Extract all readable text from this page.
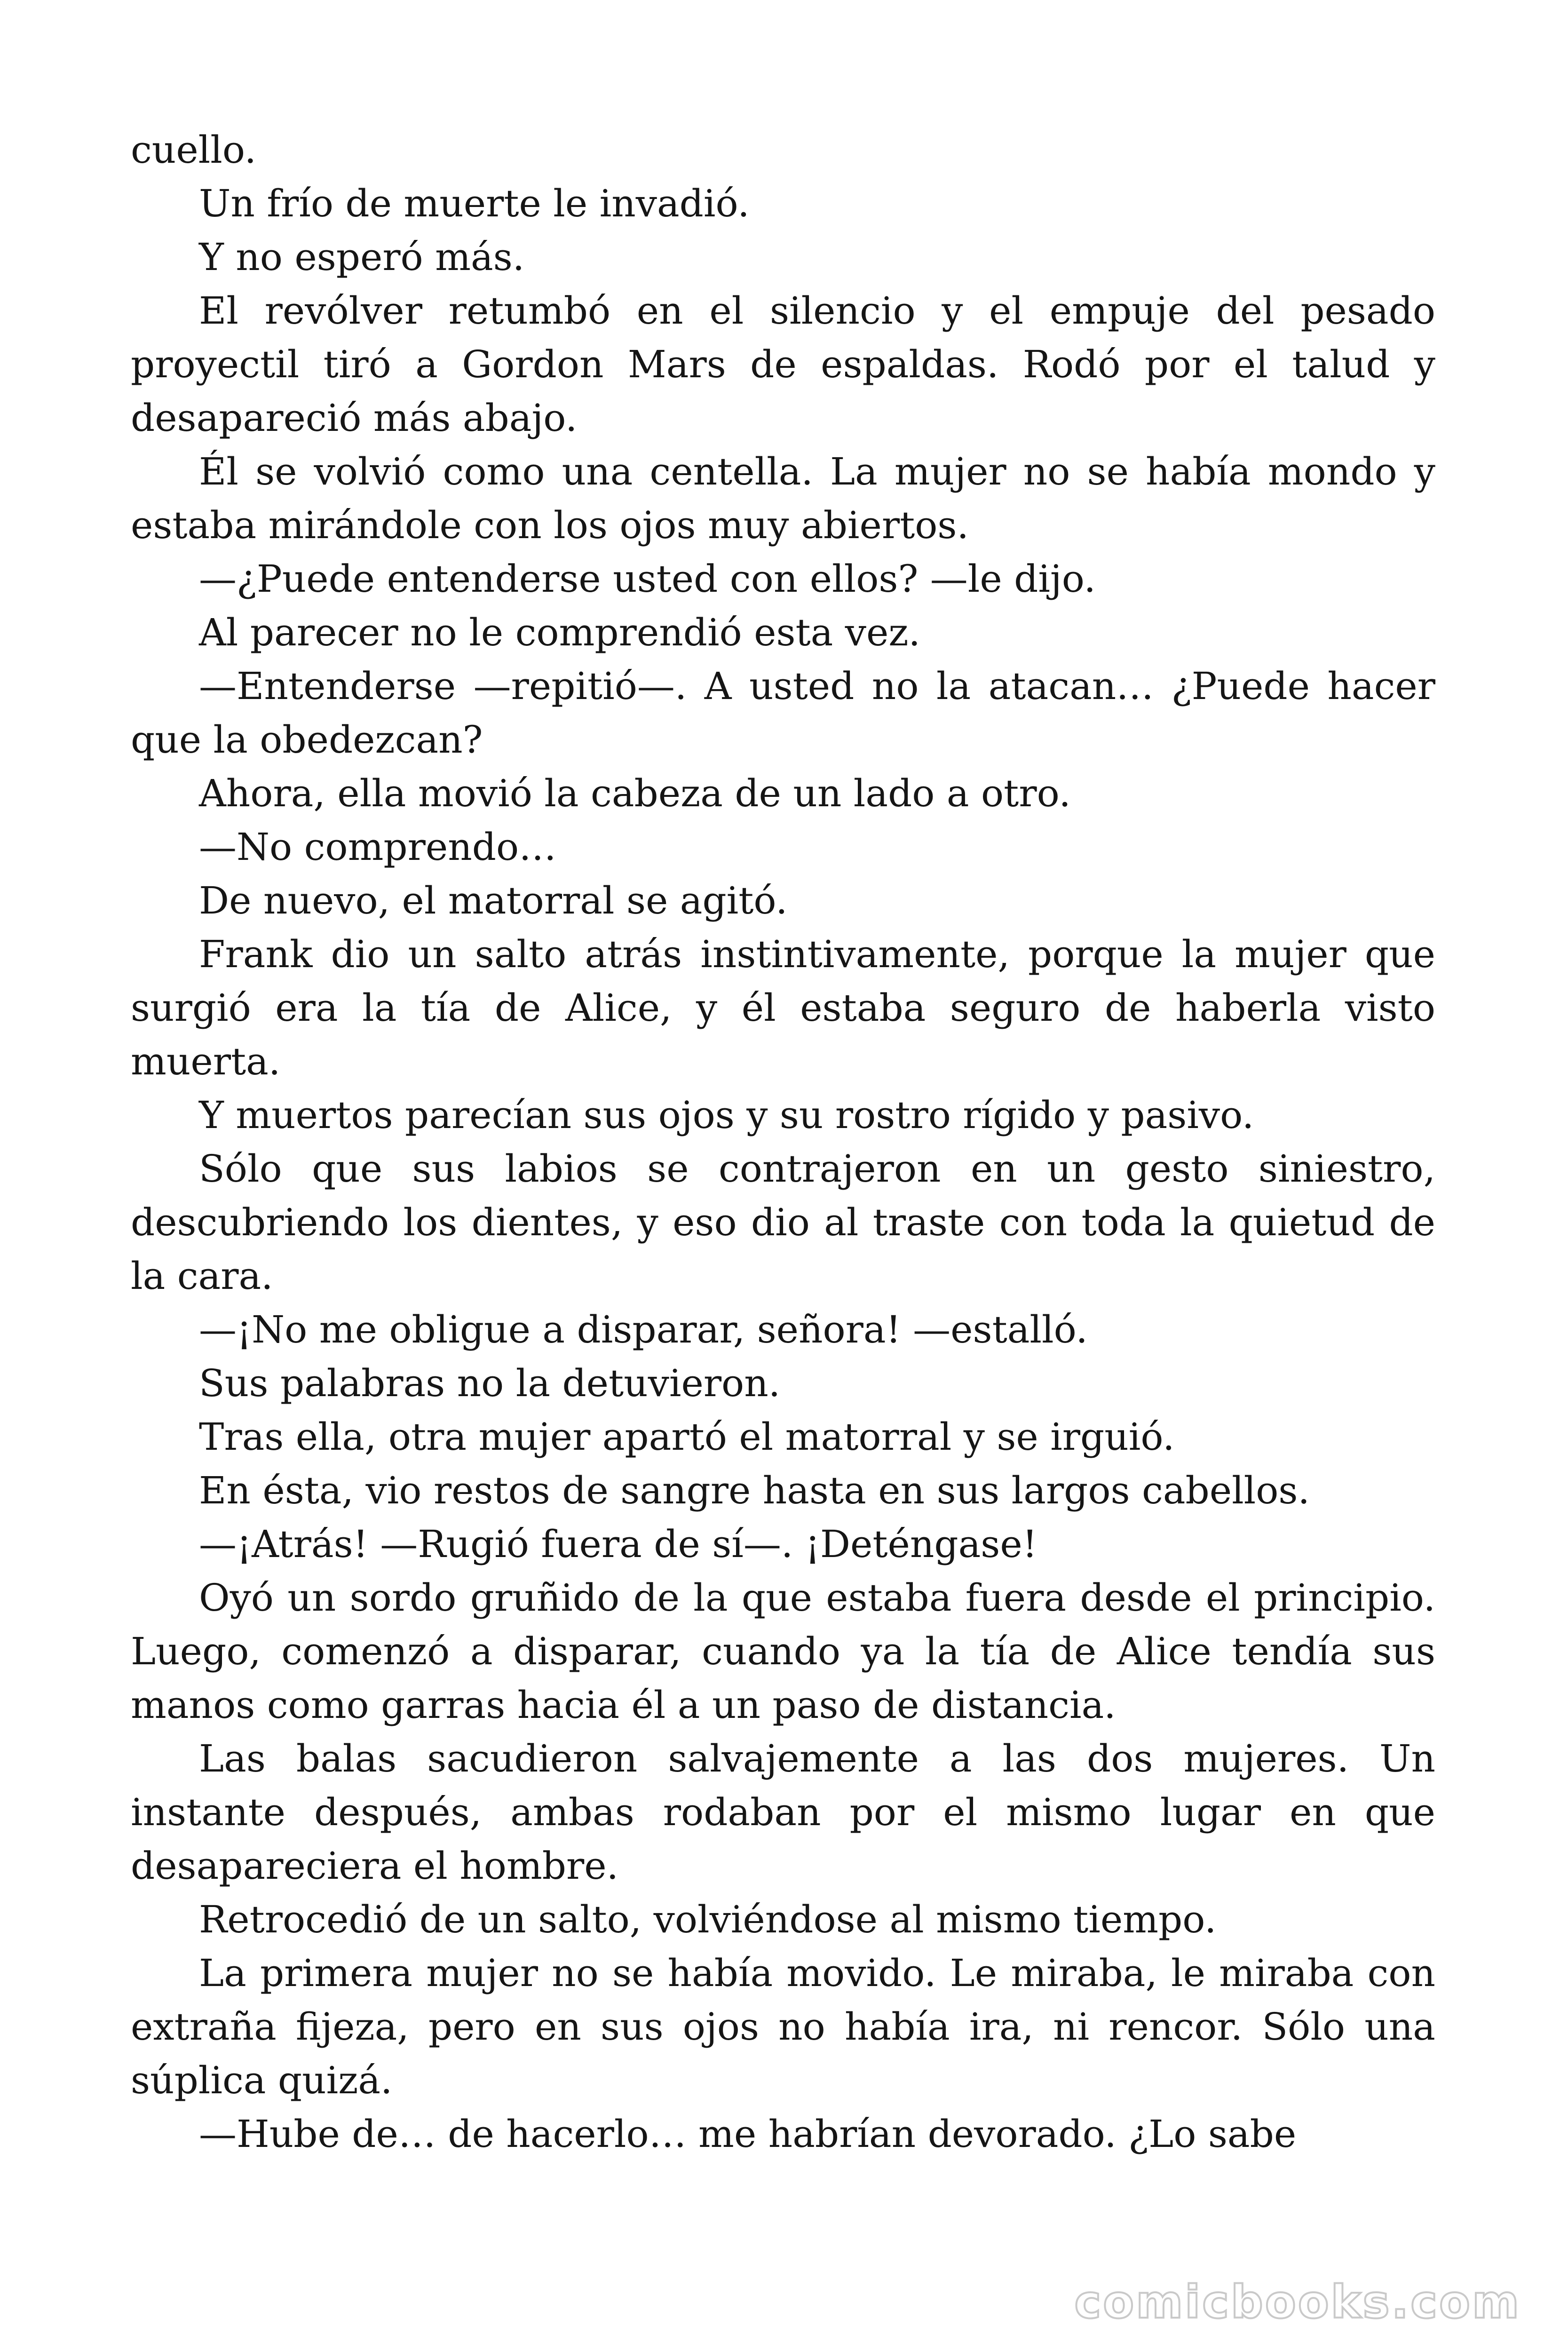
cuello.

Un frío de muerte le invadió.

Y no esperó más.

El revólver retumbó en el silencio y el empuje del pesado proyectil tiró a Gordon Mars de espaldas. Rodó por el talud y desapareció más abajo.

Él se volvió como una centella. La mujer no se había mondo y estaba mirándole con los ojos muy abiertos.

—¿Puede entenderse usted con ellos? —le dijo.

Al parecer no le comprendió esta vez.

—Entenderse —repitió—. A usted no la atacan… ¿Puede hacer que la obedezcan?

Ahora, ella movió la cabeza de un lado a otro.

—No comprendo…

De nuevo, el matorral se agitó.

Frank dio un salto atrás instintivamente, porque la mujer que surgió era la tía de Alice, y él estaba seguro de haberla visto muerta.

Y muertos parecían sus ojos y su rostro rígido y pasivo.

Sólo que sus labios se contrajeron en un gesto siniestro, descubriendo los dientes, y eso dio al traste con toda la quietud de la cara.

—¡No me obligue a disparar, señora! —estalló.

Sus palabras no la detuvieron.

Tras ella, otra mujer apartó el matorral y se irguió.

En ésta, vio restos de sangre hasta en sus largos cabellos.

—¡Atrás! —Rugió fuera de sí—. ¡Deténgase!

Oyó un sordo gruñido de la que estaba fuera desde el principio. Luego, comenzó a disparar, cuando ya la tía de Alice tendía sus manos como garras hacia él a un paso de distancia.

Las balas sacudieron salvajemente a las dos mujeres. Un instante después, ambas rodaban por el mismo lugar en que desapareciera el hombre.

Retrocedió de un salto, volviéndose al mismo tiempo.

La primera mujer no se había movido. Le miraba, le miraba con extraña fijeza, pero en sus ojos no había ira, ni rencor. Sólo una súplica quizá.

—Hube de… de hacerlo… me habrían devorado. ¿Lo sabe

comicbooks.com
